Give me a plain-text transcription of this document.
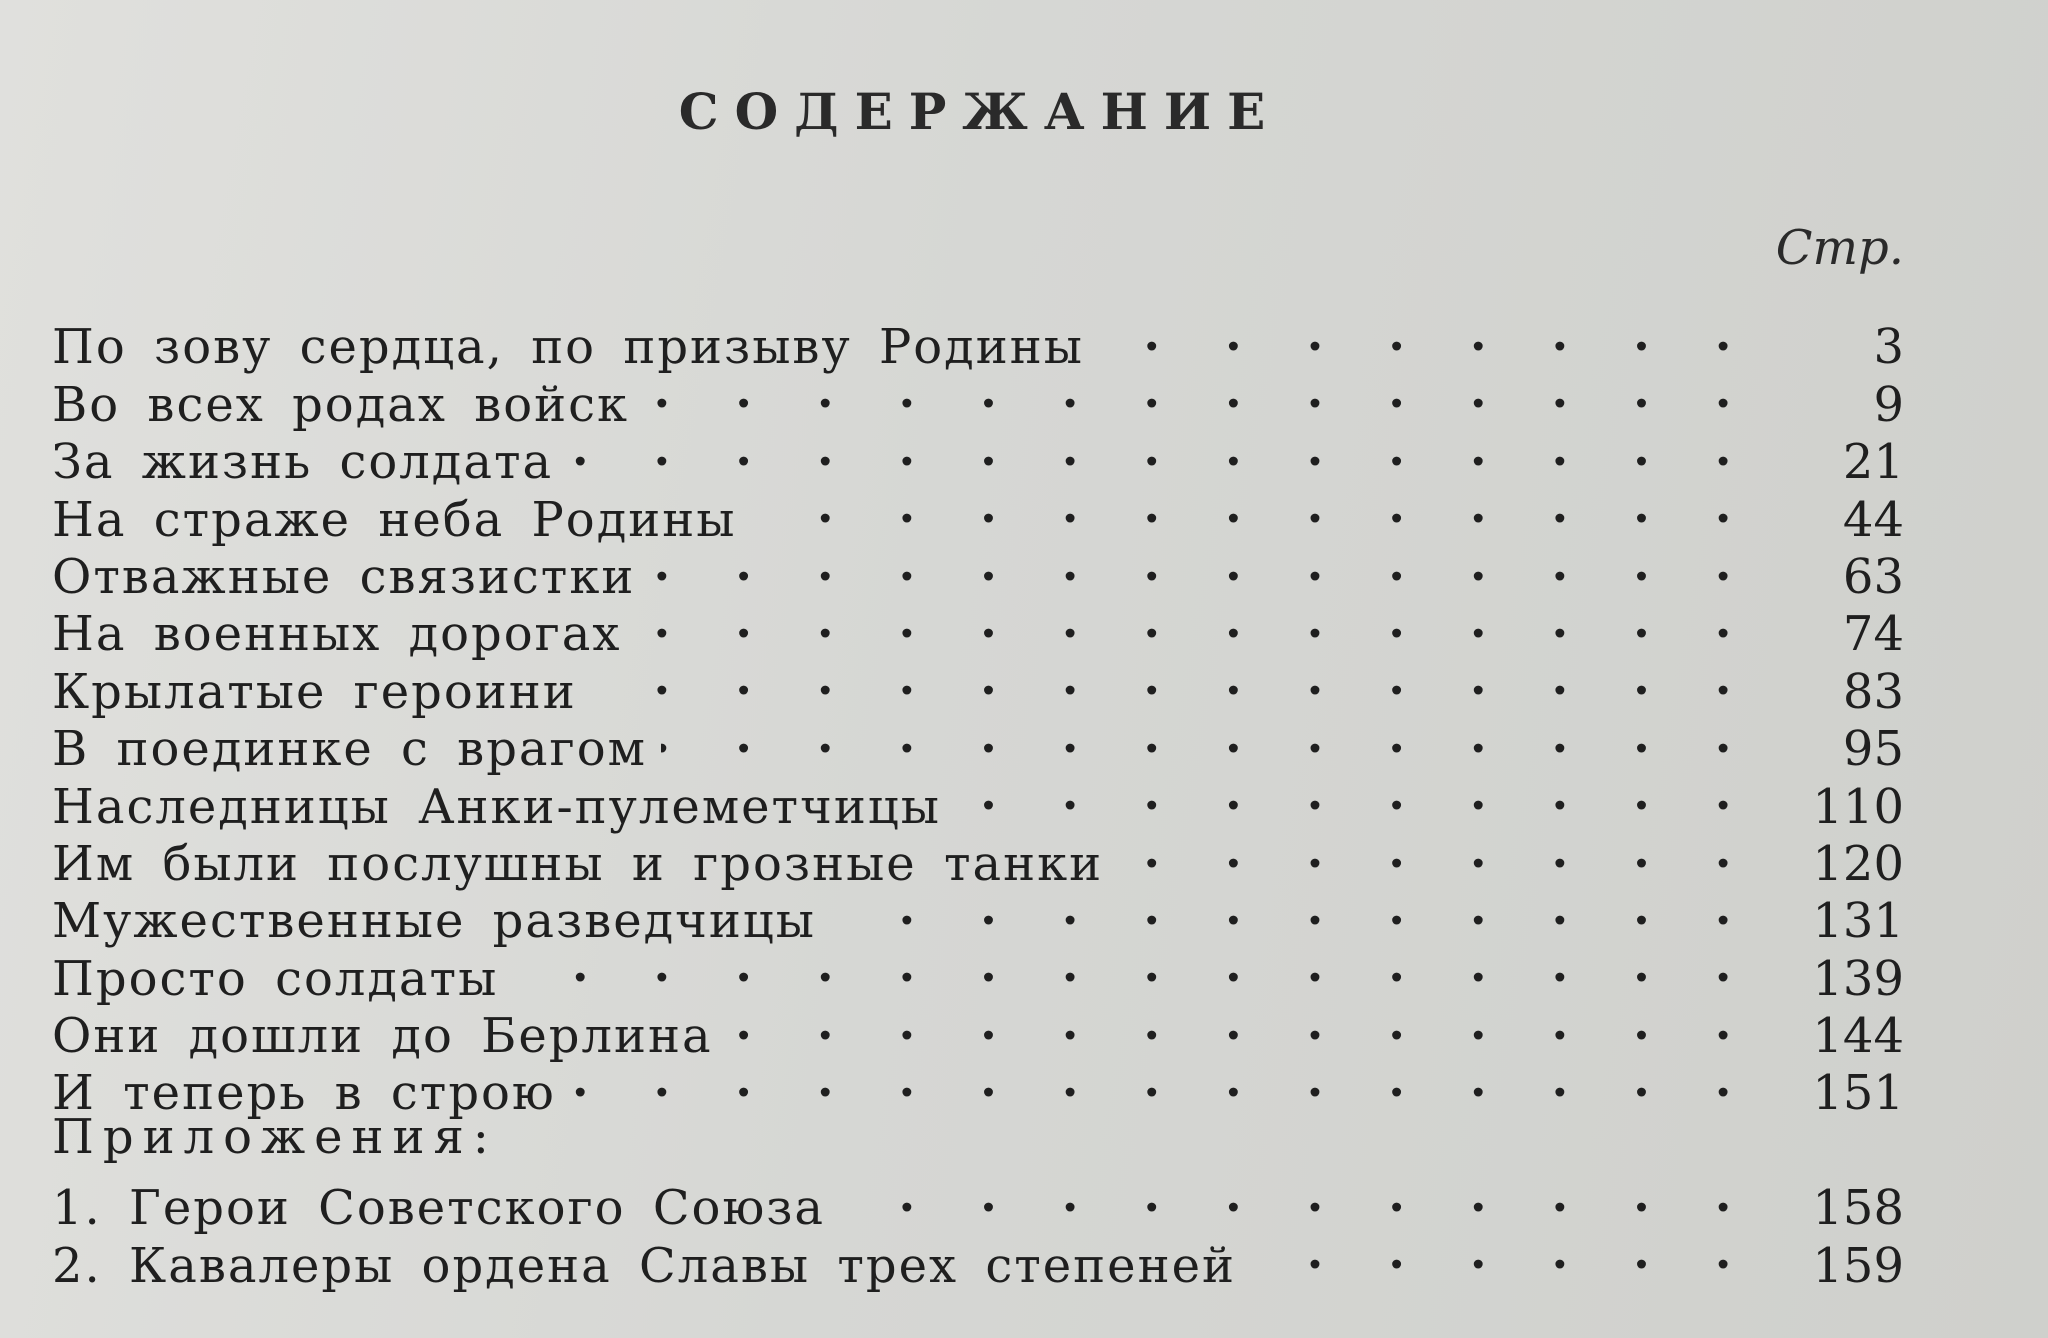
СОДЕРЖАНИЕ
Стр.
По зову сердца, по призыву Родины . .	3
Во всех родах войск . .	9
За жизнь солдата . .	21
На страже неба Родины . .	44
Отважные связистки . .	63
На военных дорогах . .	74
Крылатые героини . .	83
В поединке с врагом . .	95
Наследницы Анки-пулеметчицы . .	110
Им были послушны и грозные танки . .	120
Мужественные разведчицы . .	131
Просто солдаты . .	139
Они дошли до Берлина . .	144
И теперь в строю . .	151
Приложения:
1. Герои Советского Союза . .	158
2. Кавалеры ордена Славы трех степеней . .	159
